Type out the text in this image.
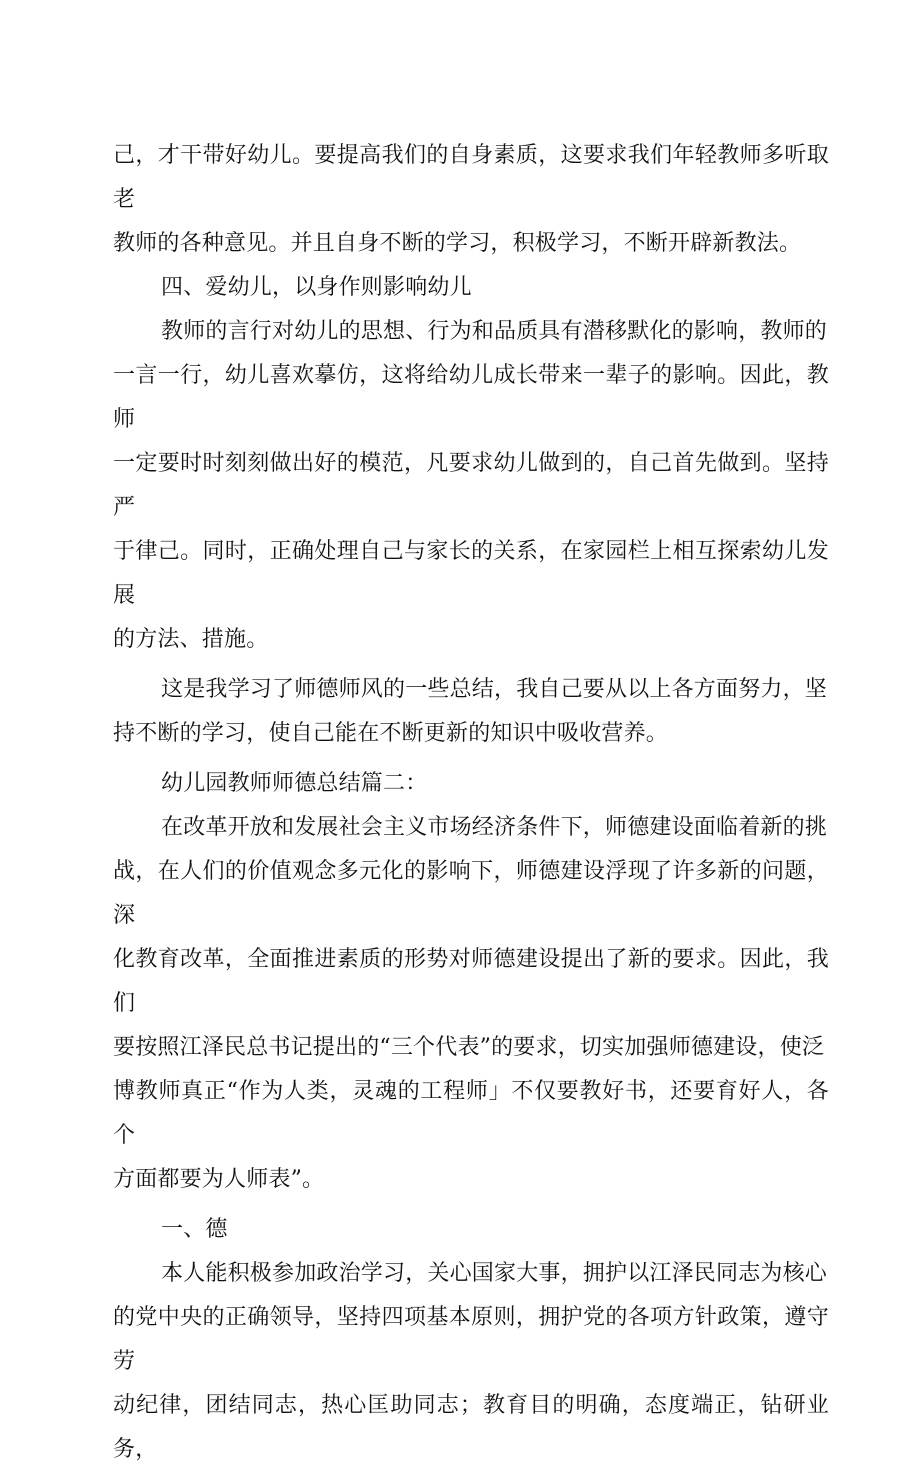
己，才干带好幼儿。要提高我们的自身素质，这要求我们年轻教师多听取老
教师的各种意见。并且自身不断的学习，积极学习，不断开辟新教法。

四、爱幼儿，以身作则影响幼儿

教师的言行对幼儿的思想、行为和品质具有潜移默化的影响，教师的
一言一行，幼儿喜欢摹仿，这将给幼儿成长带来一辈子的影响。因此，教师
一定要时时刻刻做出好的模范，凡要求幼儿做到的，自己首先做到。坚持严
于律己。同时，正确处理自己与家长的关系，在家园栏上相互探索幼儿发展
的方法、措施。

这是我学习了师德师风的一些总结，我自己要从以上各方面努力，坚
持不断的学习，使自己能在不断更新的知识中吸收营养。

幼儿园教师师德总结篇二：

在改革开放和发展社会主义市场经济条件下，师德建设面临着新的挑
战，在人们的价值观念多元化的影响下，师德建设浮现了许多新的问题，深
化教育改革，全面推进素质的形势对师德建设提出了新的要求。因此，我们
要按照江泽民总书记提出的“三个代表”的要求，切实加强师德建设，使泛
博教师真正“作为人类，灵魂的工程师」不仅要教好书，还要育好人，各个
方面都要为人师表”。

一、德

本人能积极参加政治学习，关心国家大事，拥护以江泽民同志为核心
的党中央的正确领导，坚持四项基本原则，拥护党的各项方针政策，遵守劳
动纪律，团结同志，热心匡助同志；教育目的明确，态度端正，钻研业务，
